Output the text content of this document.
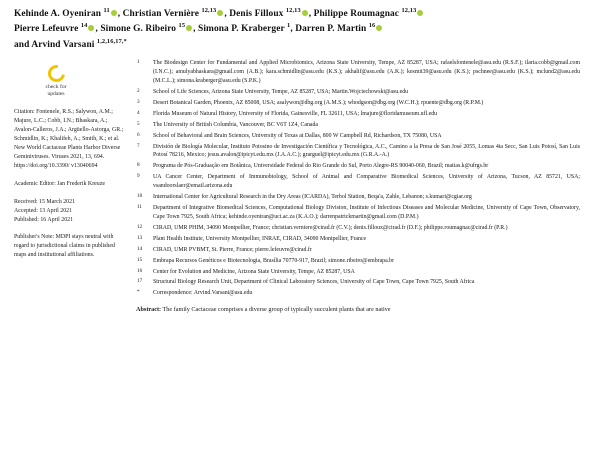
Kehinde A. Oyeniran $^{11}$ , Christian Vernière $^{12,13}$ , Denis Filloux $^{12,13}$ , Philippe Roumagnac $^{12,13}$
Pierre Lefeuvre $^{14}$ , Simone G. Ribeiro $^{15}$ , Simona P. Kraberger $^1$, Darren P. Martin $^{16}$
and Arvind Varsani $^{1,2,16,17,*}$
check for
updates
Citation: Fontenele, R.S.; Salywon, A.M.; Majure, L.C.; Cobb, I.N.; Bhaskara, A.; Avalon-Calleros, J.A.; Argüello-Astorga, GR.; Schmidlin, K.; Khalifeh, A.; Smith, K.; et al. New World Cactaceae Plants Harbor Diverse Geminiviruses. Viruses 2021, 13, 694. https://doi.org/10.3390/ v13040694
Academic Editor: Jan Frederik Kreuze
Received: 15 March 2021
Accepted: 13 April 2021
Published: 16 April 2021
Publisher's Note: MDPI stays neutral with regard to jurisdictional claims in published maps and institutional affiliations.
1	The Biodesign Center for Fundamental and Applied Microbiomics, Arizona State University, Tempe, AZ 85287, USA; rafaelsfontenele@asu.edu (R.S.F.); ilaria.cobb@gmail.com (I.N.C.); amulyabhaskara@gmail.com (A.B.); kara.schmidlin@asu.edu (K.S.); akhalif@asu.edu (A.K.); kesmit39@asu.edu (K.S.); pschnee@asu.edu (K.S.); mclund2@asu.edu (M.C.L.); simona.kraberger@asu.edu (S.P.K.)
2	School of Life Sciences, Arizona State University, Tempe, AZ 85287, USA; Martin.Wojciechowski@asu.edu
3	Desert Botanical Garden, Phoenix, AZ 85008, USA; asalywon@dbg.org (A.M.S.); whodgson@dbg.org (W.C.H.); rpuente@dbg.org (R.P.M.)
4	Florida Museum of Natural History, University of Florida, Gainesville, FL 32611, USA; lmajure@floridamuseum.ufl.edu
5	The University of British Columbia, Vancouver, BC V6T 1Z4, Canada
6	School of Behavioral and Brain Sciences, University of Texas at Dallas, 800 W Campbell Rd, Richardson, TX 75080, USA
7	División de Biología Molecular, Instituto Potosino de Investigación Científica y Tecnológica, A.C., Camino a la Presa de San José 2055, Lomas 4ta Secc, San Luis Potosí, San Luis Potosí 78216, Mexico; jesus.avalon@ipicyt.edu.mx (J.A.A.C.); grarguel@ipicyt.edu.mx (G.R.A.-A.)
8	Programa de Pós-Graduação em Botânica, Universidade Federal do Rio Grande do Sul, Porto Alegre-RS 90040-060, Brazil; matias.k@ufrgs.br
9	UA Cancer Center, Department of Immunobiology, School of Animal and Comparative Biomedical Sciences, University of Arizona, Tucson, AZ 85721, USA; vsandoorslaer@email.arizona.edu
10	International Center for Agricultural Research in the Dry Areas (ICARDA), Terbol Station, Beqa'a, Zahle, Lebanon; s.kumari@cgiar.org
11	Department of Integrative Biomedical Sciences, Computational Biology Division, Institute of Infectious Diseases and Molecular Medicine, University of Cape Town, Observatory, Cape Town 7925, South Africa; kehinde.oyeniran@uct.ac.za (K.A.O.); darrenpatrickmartin@gmail.com (D.P.M.)
12	CIRAD, UMR PHIM, 34090 Montpellier, France; christian.verniere@cirad.fr (C.V.); denis.filloux@cirad.fr (D.F.); philippe.roumagnac@cirad.fr (P.R.)
13	Plant Health Institute, University Montpellier, INRAE, CIRAD, 34090 Montpellier, France
14	CIRAD, UMR PVBMT, St. Pierre, France; pierre.lefeuvre@cirad.fr
15	Embrapa Recursos Genéticos e Biotecnologia, Brasília 70770-917, Brazil; simone.ribeiro@embrapa.br
16	Center for Evolution and Medicine, Arizona State University, Tempe, AZ 85287, USA
17	Structural Biology Research Unit, Department of Clinical Laboratory Sciences, University of Cape Town, Cape Town 7925, South Africa
*	Correspondence: Arvind.Varsani@asu.edu
Abstract: The family Cactaceae comprises a diverse group of typically succulent plants that are native
